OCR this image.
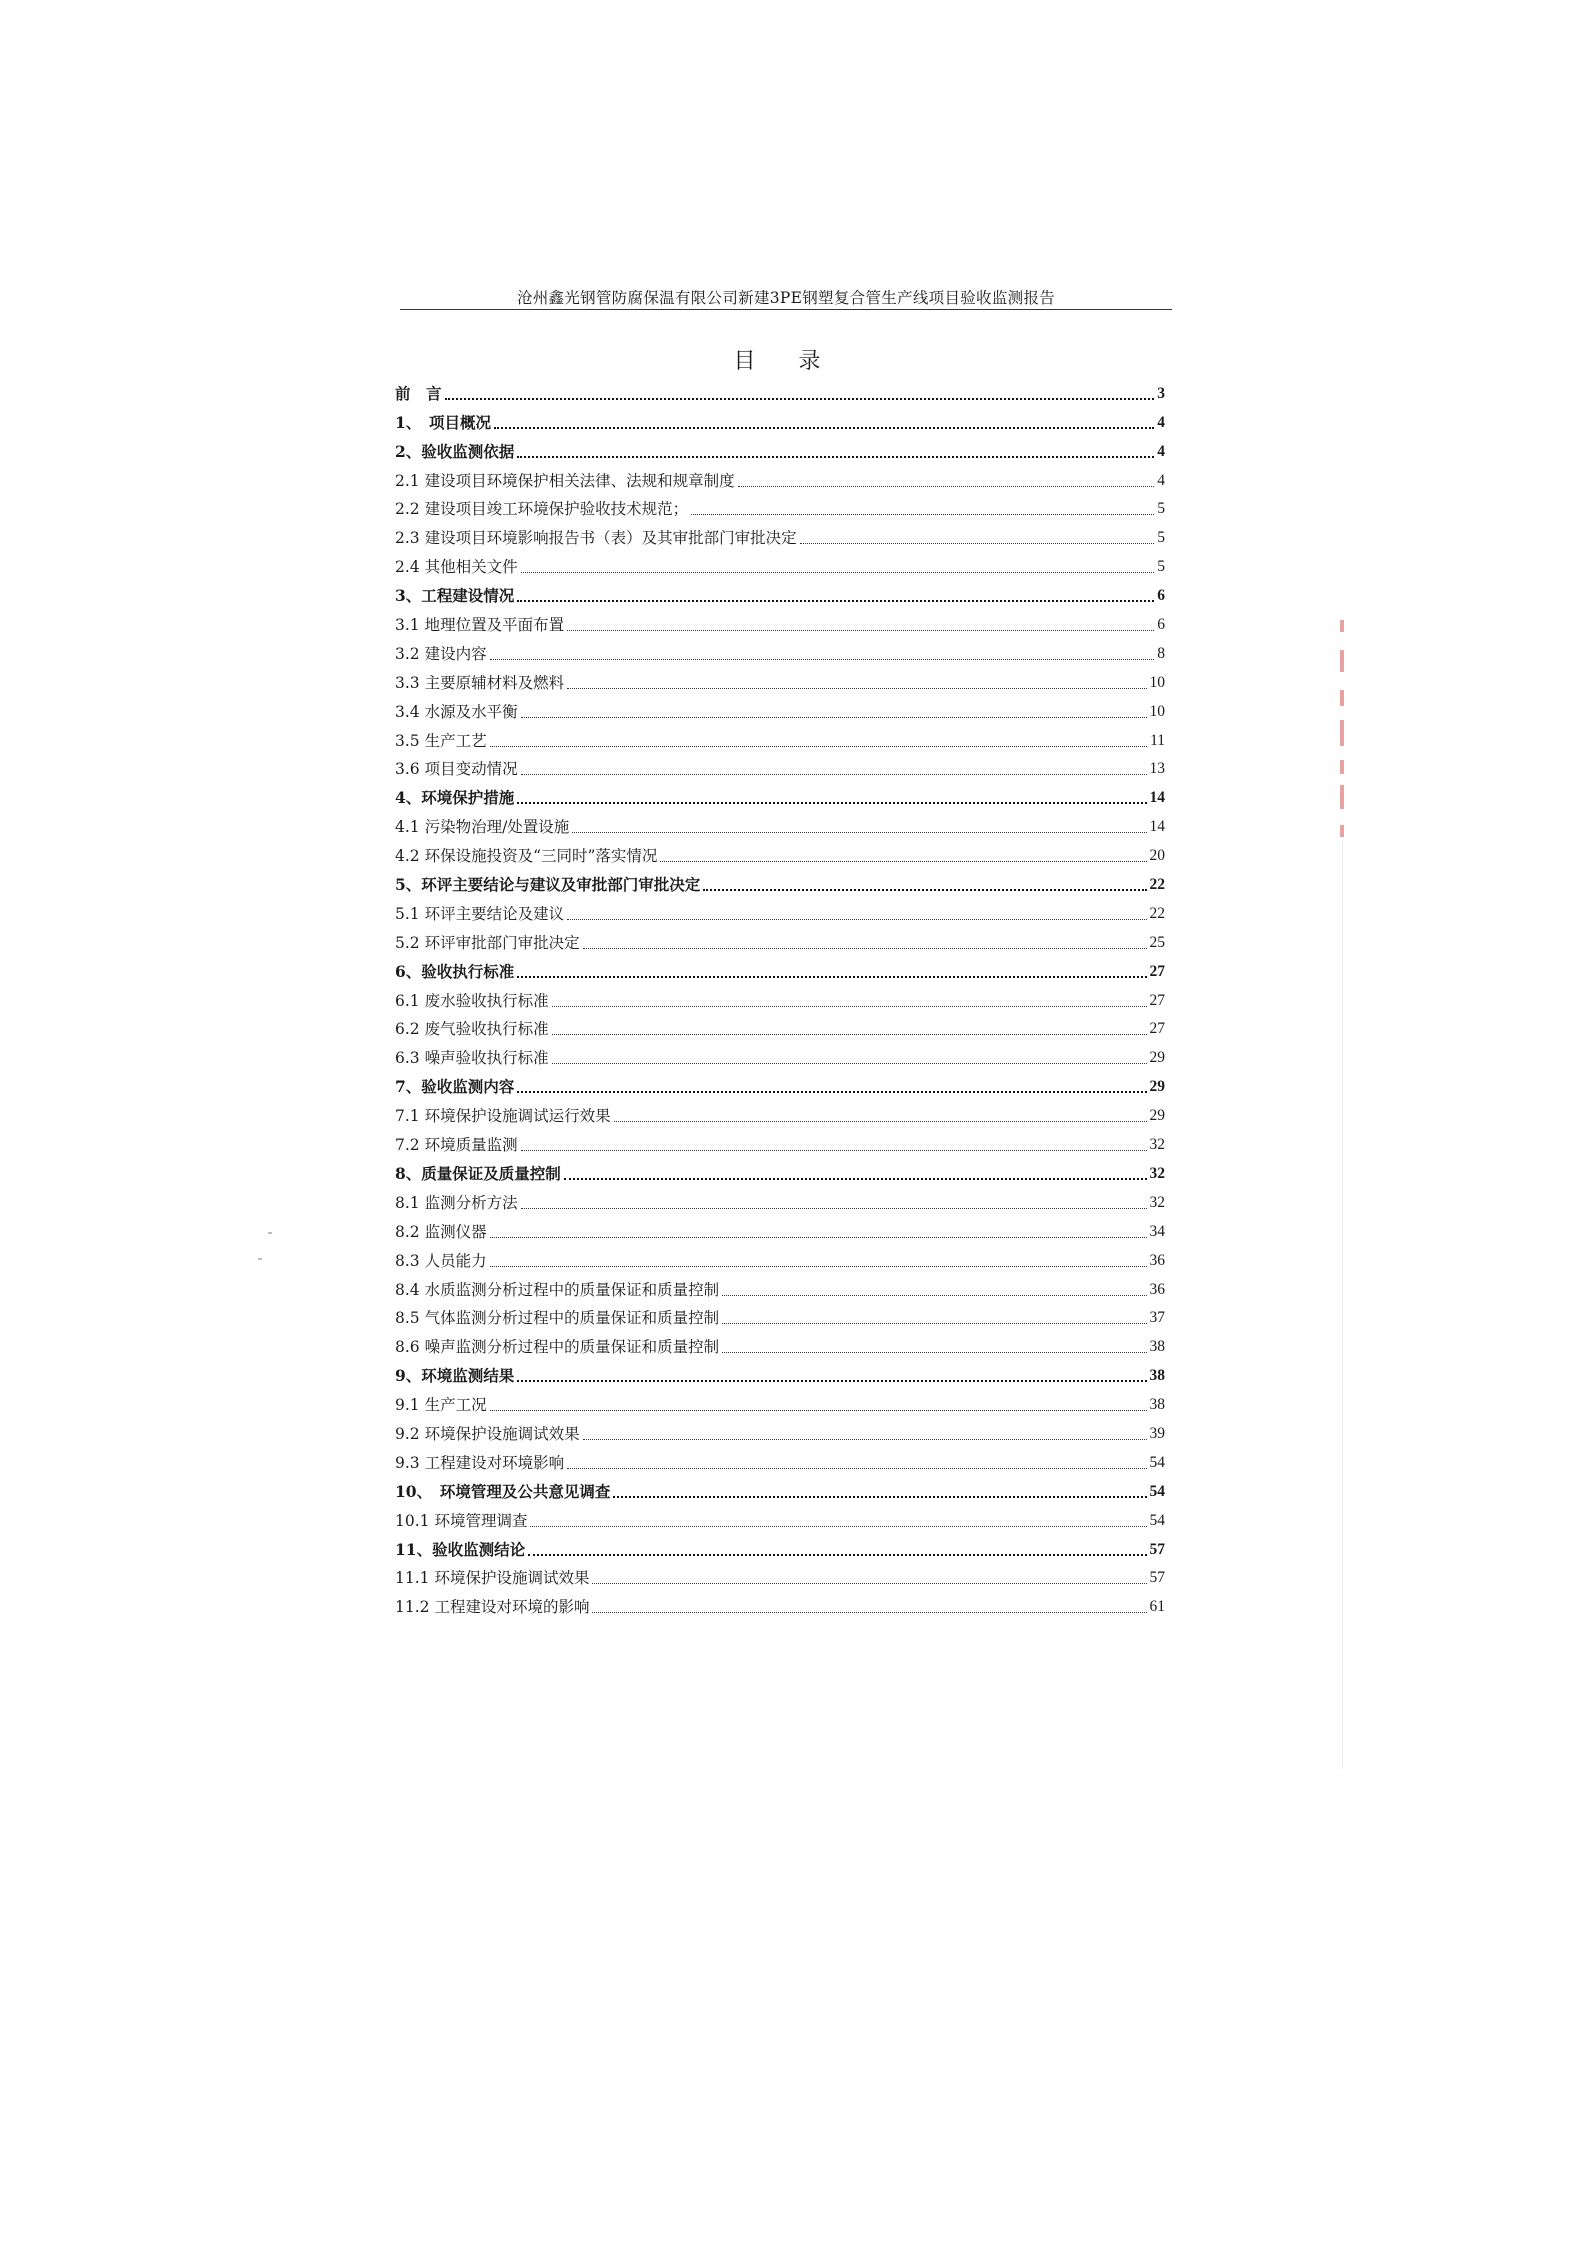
沧州鑫光钢管防腐保温有限公司新建3PE钢塑复合管生产线项目验收监测报告
目 录
前　言	3
1、　项目概况	4
2、验收监测依据	4
2.1 建设项目环境保护相关法律、法规和规章制度	4
2.2 建设项目竣工环境保护验收技术规范；	5
2.3 建设项目环境影响报告书（表）及其审批部门审批决定	5
2.4 其他相关文件	5
3、工程建设情况	6
3.1 地理位置及平面布置	6
3.2 建设内容	8
3.3 主要原辅材料及燃料	10
3.4 水源及水平衡	10
3.5 生产工艺	11
3.6 项目变动情况	13
4、环境保护措施	14
4.1 污染物治理/处置设施	14
4.2 环保设施投资及“三同时”落实情况	20
5、环评主要结论与建议及审批部门审批决定	22
5.1 环评主要结论及建议	22
5.2 环评审批部门审批决定	25
6、验收执行标准	27
6.1 废水验收执行标准	27
6.2 废气验收执行标准	27
6.3 噪声验收执行标准	29
7、验收监测内容	29
7.1 环境保护设施调试运行效果	29
7.2 环境质量监测	32
8、质量保证及质量控制	32
8.1 监测分析方法	32
8.2 监测仪器	34
8.3 人员能力	36
8.4 水质监测分析过程中的质量保证和质量控制	36
8.5 气体监测分析过程中的质量保证和质量控制	37
8.6 噪声监测分析过程中的质量保证和质量控制	38
9、环境监测结果	38
9.1 生产工况	38
9.2 环境保护设施调试效果	39
9.3 工程建设对环境影响	54
10、　环境管理及公共意见调查	54
10.1 环境管理调查	54
11、验收监测结论	57
11.1 环境保护设施调试效果	57
11.2 工程建设对环境的影响	61
